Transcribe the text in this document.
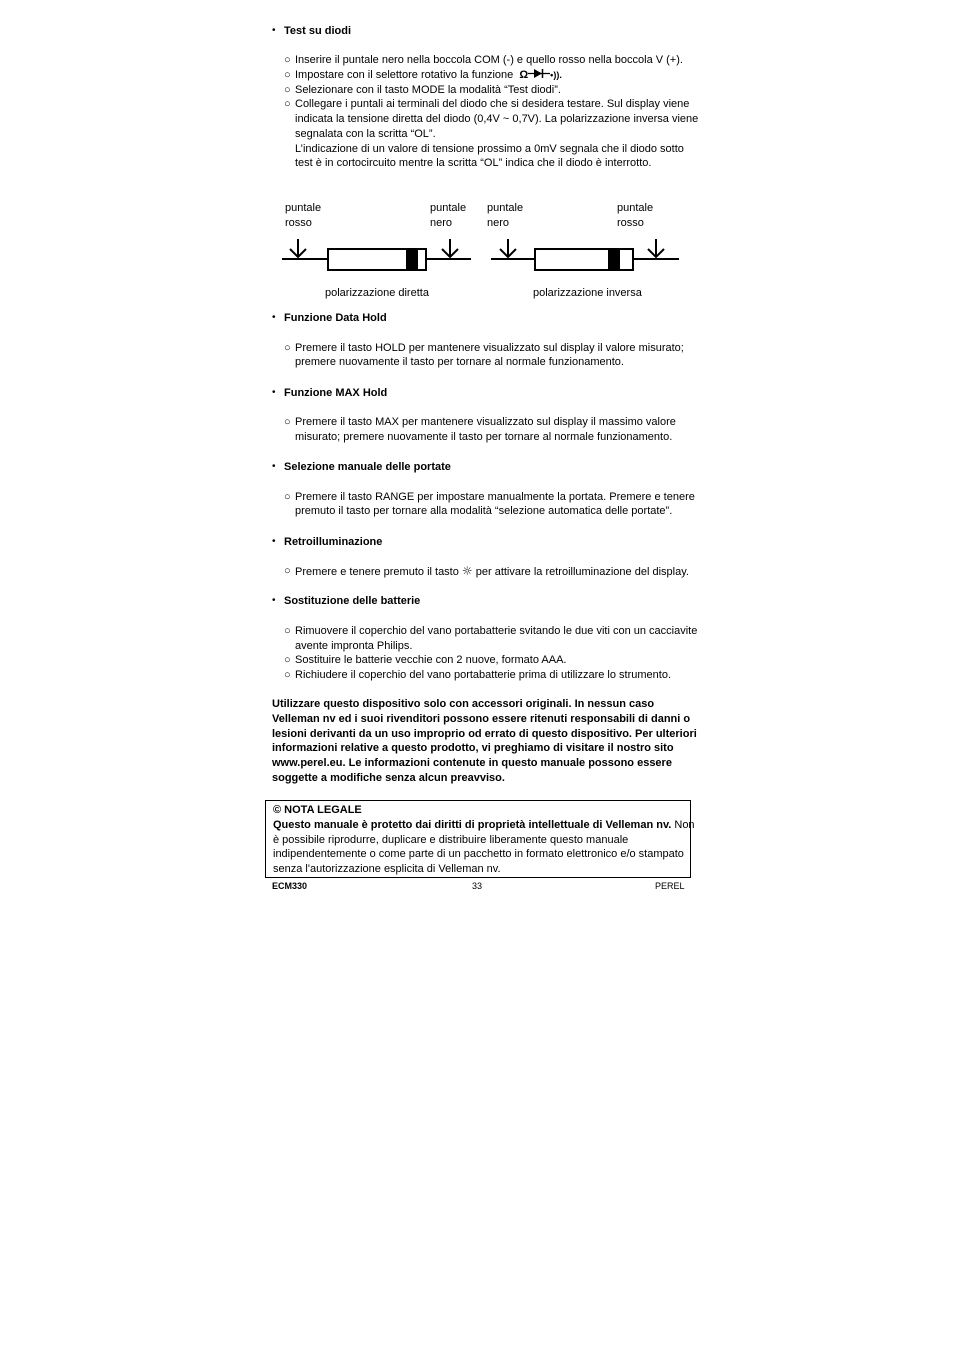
• Test su diodi
○ Inserire il puntale nero nella boccola COM (-) e quello rosso nella boccola V (+).
○ Impostare con il selettore rotativo la funzione Ω •)).
○ Selezionare con il tasto MODE la modalità “Test diodi”.
○ Collegare i puntali ai terminali del diodo che si desidera testare. Sul display viene
indicata la tensione diretta del diodo (0,4V ~ 0,7V). La polarizzazione inversa viene
segnalata con la scritta “OL”.
L’indicazione di un valore di tensione prossimo a 0mV segnala che il diodo sotto
test è in cortocircuito mentre la scritta “OL” indica che il diodo è interrotto.
puntale
rosso
puntale
nero
puntale
nero
puntale
rosso
polarizzazione diretta	polarizzazione inversa
• Funzione Data Hold
○ Premere il tasto HOLD per mantenere visualizzato sul display il valore misurato;
premere nuovamente il tasto per tornare al normale funzionamento.
• Funzione MAX Hold
○ Premere il tasto MAX per mantenere visualizzato sul display il massimo valore
misurato; premere nuovamente il tasto per tornare al normale funzionamento.
• Selezione manuale delle portate
○ Premere il tasto RANGE per impostare manualmente la portata. Premere e tenere
premuto il tasto per tornare alla modalità “selezione automatica delle portate”.
• Retroilluminazione
○ Premere e tenere premuto il tasto ☼ per attivare la retroilluminazione del display.
• Sostituzione delle batterie
○ Rimuovere il coperchio del vano portabatterie svitando le due viti con un cacciavite
avente impronta Philips.
○ Sostituire le batterie vecchie con 2 nuove, formato AAA.
○ Richiudere il coperchio del vano portabatterie prima di utilizzare lo strumento.
Utilizzare questo dispositivo solo con accessori originali. In nessun caso
Velleman nv ed i suoi rivenditori possono essere ritenuti responsabili di danni o
lesioni derivanti da un uso improprio od errato di questo dispositivo. Per ulteriori
informazioni relative a questo prodotto, vi preghiamo di visitare il nostro sito
www.perel.eu. Le informazioni contenute in questo manuale possono essere
soggette a modifiche senza alcun preavviso.
© NOTA LEGALE
Questo manuale è protetto dai diritti di proprietà intellettuale di Velleman nv. Non
è possibile riprodurre, duplicare e distribuire liberamente questo manuale
indipendentemente o come parte di un pacchetto in formato elettronico e/o stampato
senza l'autorizzazione esplicita di Velleman nv.
ECM330	33	PEREL
